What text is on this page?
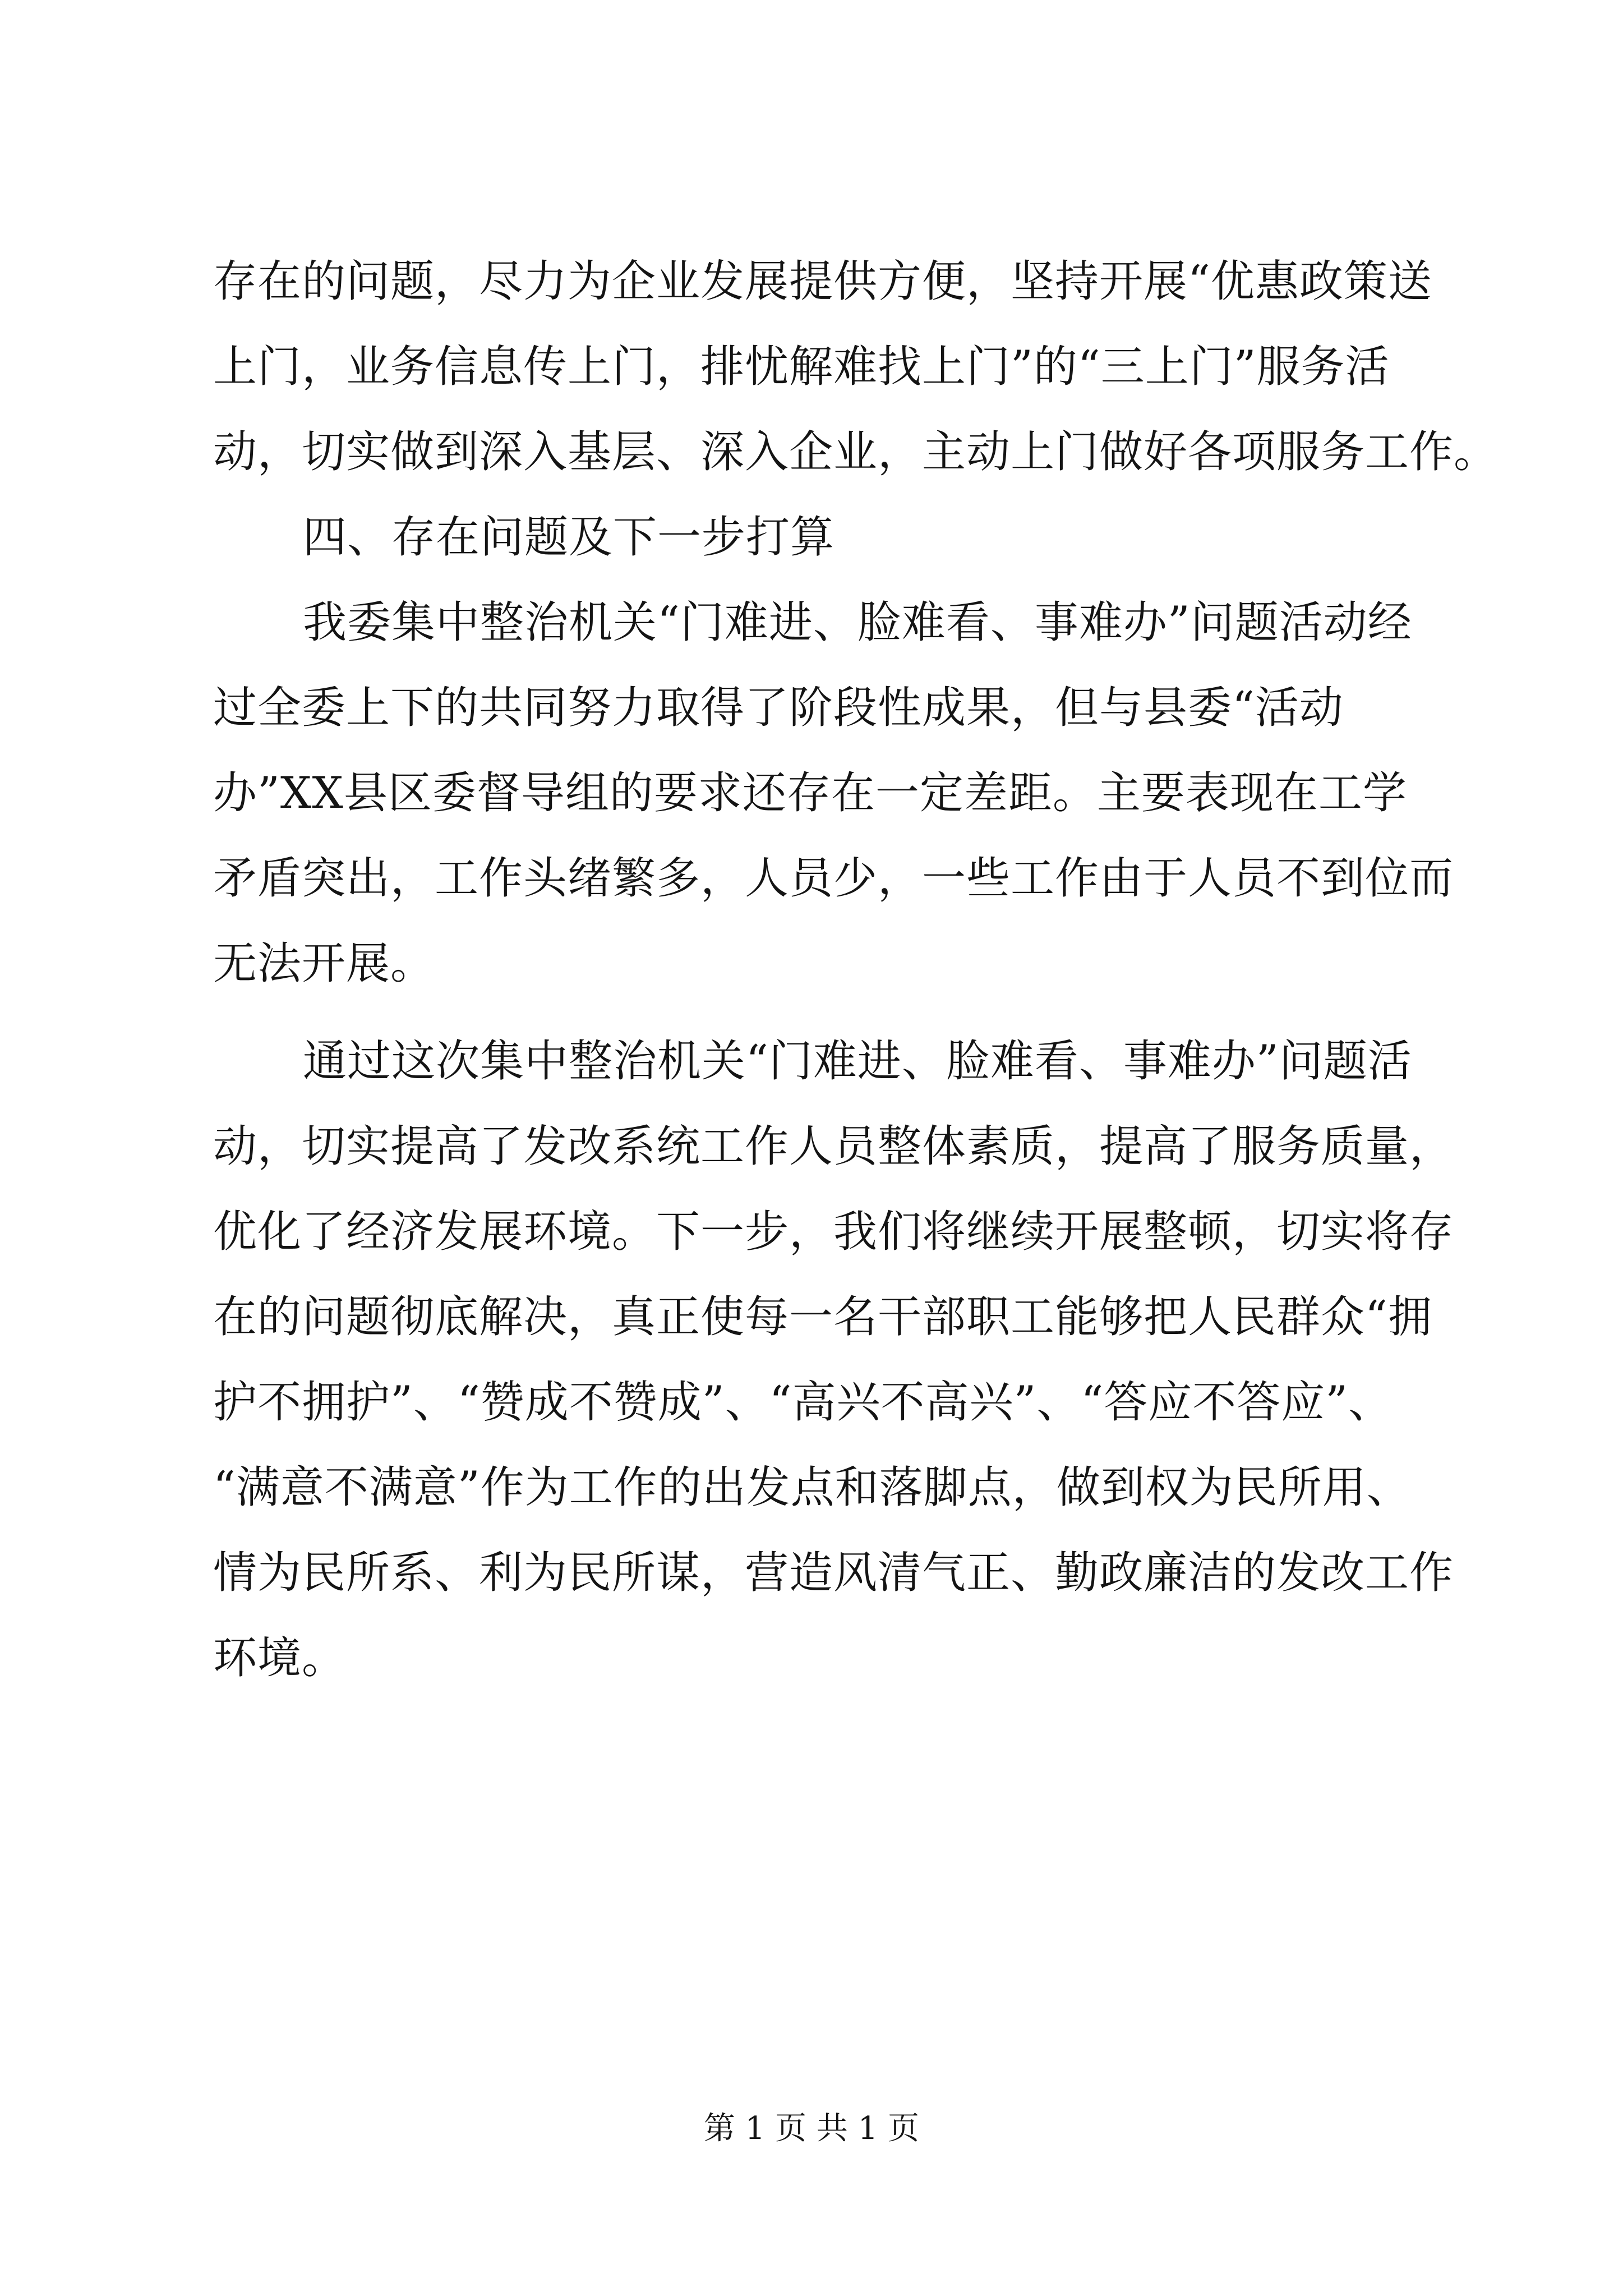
存在的问题，尽力为企业发展提供方便，坚持开展“优惠政策送
上门，业务信息传上门，排忧解难找上门”的“三上门”服务活
动，切实做到深入基层、深入企业，主动上门做好各项服务工作。
四、存在问题及下一步打算
我委集中整治机关“门难进、脸难看、事难办”问题活动经
过全委上下的共同努力取得了阶段性成果，但与县委“活动
办”XX县区委督导组的要求还存在一定差距。主要表现在工学
矛盾突出，工作头绪繁多，人员少，一些工作由于人员不到位而
无法开展。
通过这次集中整治机关“门难进、脸难看、事难办”问题活
动，切实提高了发改系统工作人员整体素质，提高了服务质量，
优化了经济发展环境。下一步，我们将继续开展整顿，切实将存
在的问题彻底解决，真正使每一名干部职工能够把人民群众“拥
护不拥护”、“赞成不赞成”、“高兴不高兴”、“答应不答应”、
“满意不满意”作为工作的出发点和落脚点，做到权为民所用、
情为民所系、利为民所谋，营造风清气正、勤政廉洁的发改工作
环境。
第 1 页 共 1 页
